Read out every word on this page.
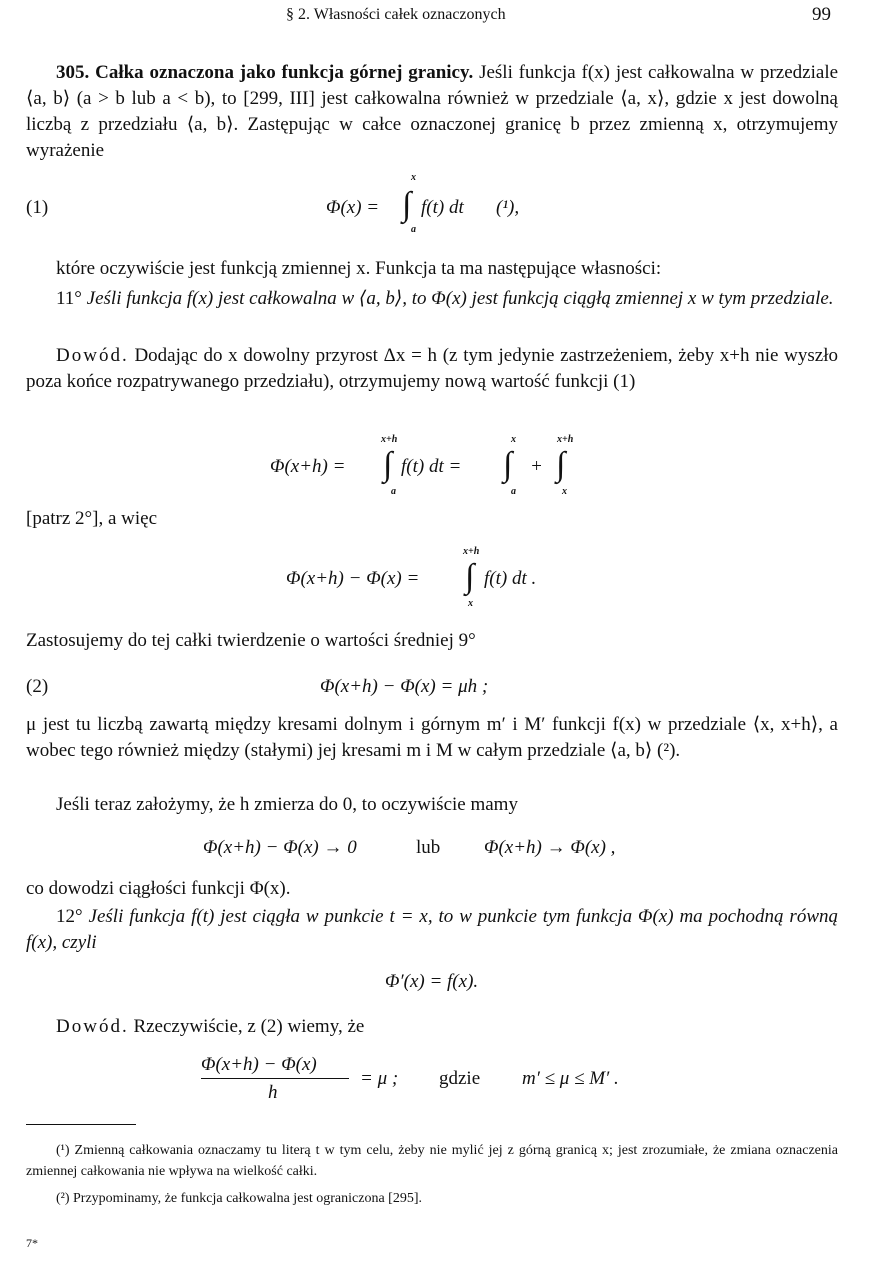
§ 2. Własności całek oznaczonych	99
305. Całka oznaczona jako funkcja górnej granicy. Jeśli funkcja f(x) jest całkowalna w przedziale ⟨a, b⟩ (a > b lub a < b), to [299, III] jest całkowalna również w przedziale ⟨a, x⟩, gdzie x jest dowolną liczbą z przedziału ⟨a, b⟩. Zastępując w całce oznaczonej granicę b przez zmienną x, otrzymujemy wyrażenie
(1)	Φ(x) =
x
∫
a
f(t) dt (¹),
które oczywiście jest funkcją zmiennej x. Funkcja ta ma następujące własności:
11° Jeśli funkcja f(x) jest całkowalna w ⟨a, b⟩, to Φ(x) jest funkcją ciągłą zmiennej x w tym przedziale.
Dowód. Dodając do x dowolny przyrost Δx = h (z tym jedynie zastrzeżeniem, żeby x+h nie wyszło poza końce rozpatrywanego przedziału), otrzymujemy nową wartość funkcji (1)
Φ(x+h) =
x+h
∫
a
f(t) dt =
x
∫
a
+
x+h
∫
x
[patrz 2°], a więc
Φ(x+h) − Φ(x) =
x+h
∫
x
f(t) dt .
Zastosujemy do tej całki twierdzenie o wartości średniej 9°
(2)	Φ(x+h) − Φ(x) = μh ;
μ jest tu liczbą zawartą między kresami dolnym i górnym m′ i M′ funkcji f(x) w przedziale ⟨x, x+h⟩, a wobec tego również między (stałymi) jej kresami m i M w całym przedziale ⟨a, b⟩ (²).
Jeśli teraz założymy, że h zmierza do 0, to oczywiście mamy
Φ(x+h) − Φ(x) → 0	lub Φ(x+h) → Φ(x) ,
co dowodzi ciągłości funkcji Φ(x).
12° Jeśli funkcja f(t) jest ciągła w punkcie t = x, to w punkcie tym funkcja Φ(x) ma pochodną równą f(x), czyli
Φ′(x) = f(x).
Dowód. Rzeczywiście, z (2) wiemy, że
Φ(x+h) − Φ(x)
h
= μ ; gdzie m′ ≤ μ ≤ M′ .
(¹) Zmienną całkowania oznaczamy tu literą t w tym celu, żeby nie mylić jej z górną granicą x; jest zrozumiałe, że zmiana oznaczenia zmiennej całkowania nie wpływa na wielkość całki.
(²) Przypominamy, że funkcja całkowalna jest ograniczona [295].
7*
